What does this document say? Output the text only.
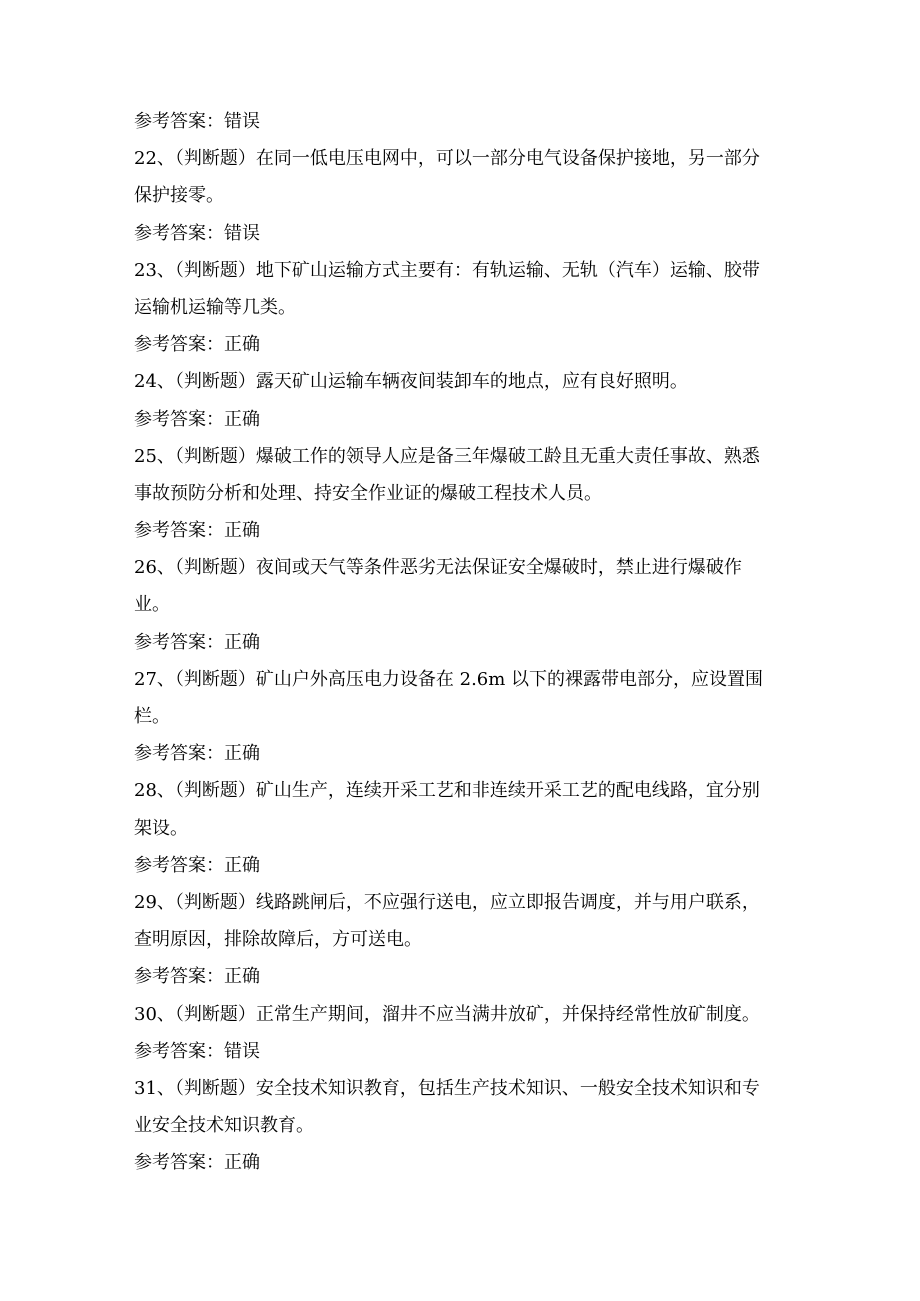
参考答案：错误
22、（判断题）在同一低电压电网中，可以一部分电气设备保护接地，另一部分
保护接零。
参考答案：错误
23、（判断题）地下矿山运输方式主要有：有轨运输、无轨（汽车）运输、胶带
运输机运输等几类。
参考答案：正确
24、（判断题）露天矿山运输车辆夜间装卸车的地点，应有良好照明。
参考答案：正确
25、（判断题）爆破工作的领导人应是备三年爆破工龄且无重大责任事故、熟悉
事故预防分析和处理、持安全作业证的爆破工程技术人员。
参考答案：正确
26、（判断题）夜间或天气等条件恶劣无法保证安全爆破时，禁止进行爆破作
业。
参考答案：正确
27、（判断题）矿山户外高压电力设备在 2.6m 以下的裸露带电部分，应设置围
栏。
参考答案：正确
28、（判断题）矿山生产，连续开采工艺和非连续开采工艺的配电线路，宜分别
架设。
参考答案：正确
29、（判断题）线路跳闸后，不应强行送电，应立即报告调度，并与用户联系，
查明原因，排除故障后，方可送电。
参考答案：正确
30、（判断题）正常生产期间，溜井不应当满井放矿，并保持经常性放矿制度。
参考答案：错误
31、（判断题）安全技术知识教育，包括生产技术知识、一般安全技术知识和专
业安全技术知识教育。
参考答案：正确
